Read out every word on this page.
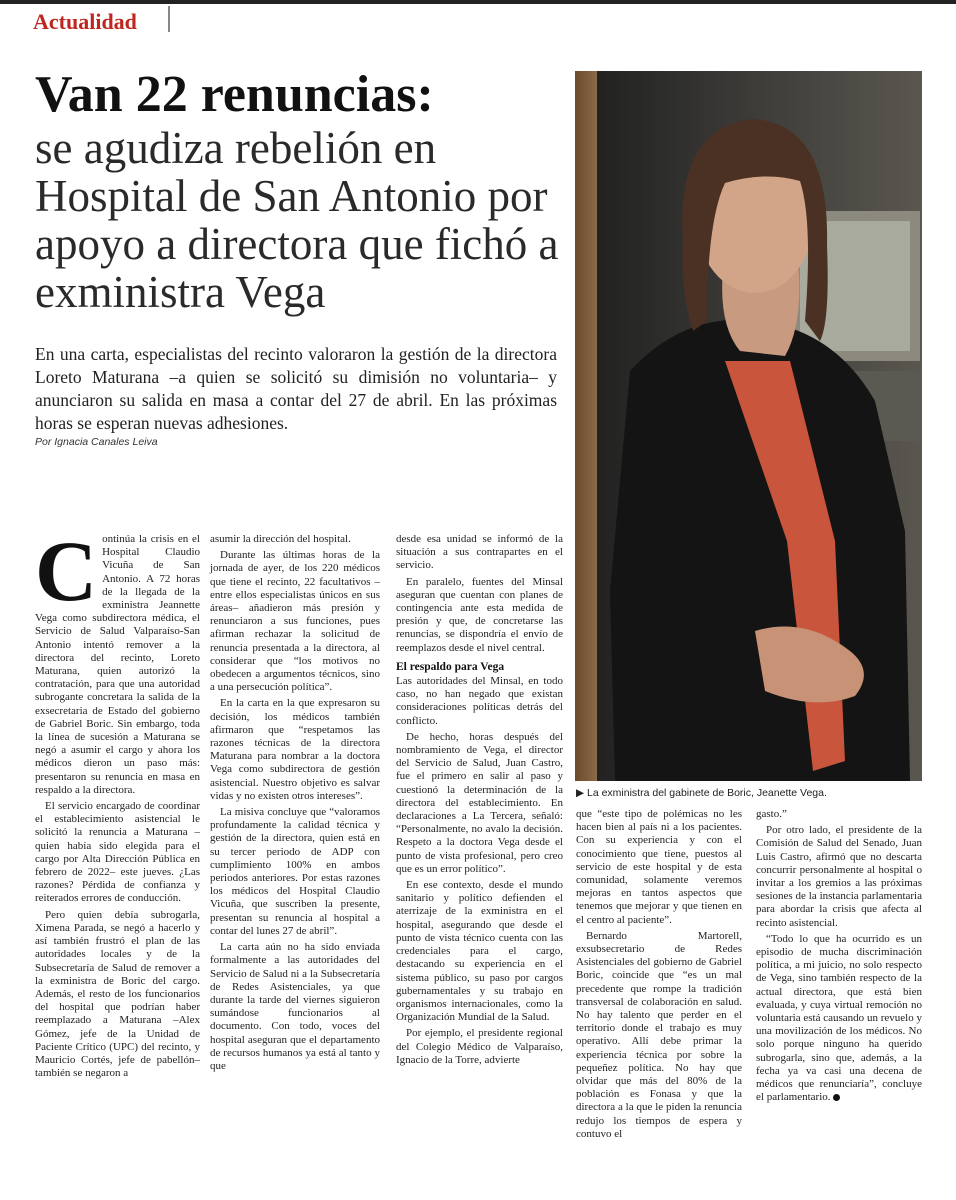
Actualidad
Van 22 renuncias:
se agudiza rebelión en Hospital de San Antonio por apoyo a directora que fichó a exministra Vega

En una carta, especialistas del recinto valoraron la gestión de la directora Loreto Maturana –a quien se solicitó su dimisión no voluntaria– y anunciaron su salida en masa a contar del 27 de abril. En las próximas horas se esperan nuevas adhesiones.

Por Ignacia Canales Leiva
▶ La exministra del gabinete de Boric, Jeanette Vega.

Continúa la crisis en el Hospital Claudio Vicuña de San Antonio. A 72 horas de la llegada de la exministra Jeannette Vega como subdirectora médica, el Servicio de Salud Valparaíso-San Antonio intentó remover a la directora del recinto, Loreto Maturana, quien autorizó la contratación, para que una autoridad subrogante concretara la salida de la exsecretaria de Estado del gobierno de Gabriel Boric. Sin embargo, toda la línea de sucesión a Maturana se negó a asumir el cargo y ahora los médicos dieron un paso más: presentaron su renuncia en masa en respaldo a la directora.

El servicio encargado de coordinar el establecimiento asistencial le solicitó la renuncia a Maturana –quien había sido elegida para el cargo por Alta Dirección Pública en febrero de 2022– este jueves. ¿Las razones? Pérdida de confianza y reiterados errores de conducción.

Pero quien debía subrogarla, Ximena Parada, se negó a hacerlo y así también frustró el plan de las autoridades locales y de la Subsecretaría de Salud de remover a la exministra de Boric del cargo. Además, el resto de los funcionarios del hospital que podrían haber reemplazado a Maturana –Alex Gómez, jefe de la Unidad de Paciente Crítico (UPC) del recinto, y Mauricio Cortés, jefe de pabellón– también se negaron a

asumir la dirección del hospital.

Durante las últimas horas de la jornada de ayer, de los 220 médicos que tiene el recinto, 22 facultativos –entre ellos especialistas únicos en sus áreas– añadieron más presión y renunciaron a sus funciones, pues afirman rechazar la solicitud de renuncia presentada a la directora, al considerar que “los motivos no obedecen a argumentos técnicos, sino a una persecución política”.

En la carta en la que expresaron su decisión, los médicos también afirmaron que “respetamos las razones técnicas de la directora Maturana para nombrar a la doctora Vega como subdirectora de gestión asistencial. Nuestro objetivo es salvar vidas y no existen otros intereses”.

La misiva concluye que “valoramos profundamente la calidad técnica y gestión de la directora, quien está en su tercer periodo de ADP con cumplimiento 100% en ambos periodos anteriores. Por estas razones los médicos del Hospital Claudio Vicuña, que suscriben la presente, presentan su renuncia al hospital a contar del lunes 27 de abril”.

La carta aún no ha sido enviada formalmente a las autoridades del Servicio de Salud ni a la Subsecretaría de Redes Asistenciales, ya que durante la tarde del viernes siguieron sumándose funcionarios al documento. Con todo, voces del hospital aseguran que el departamento de recursos humanos ya está al tanto y que

desde esa unidad se informó de la situación a sus contrapartes en el servicio.

En paralelo, fuentes del Minsal aseguran que cuentan con planes de contingencia ante esta medida de presión y que, de concretarse las renuncias, se dispondría el envío de reemplazos desde el nivel central.

El respaldo para Vega

Las autoridades del Minsal, en todo caso, no han negado que existan consideraciones políticas detrás del conflicto.

De hecho, horas después del nombramiento de Vega, el director del Servicio de Salud, Juan Castro, fue el primero en salir al paso y cuestionó la determinación de la directora del establecimiento. En declaraciones a La Tercera, señaló: “Personalmente, no avalo la decisión. Respeto a la doctora Vega desde el punto de vista profesional, pero creo que es un error político”.

En ese contexto, desde el mundo sanitario y político defienden el aterrizaje de la exministra en el hospital, asegurando que desde el punto de vista técnico cuenta con las credenciales para el cargo, destacando su experiencia en el sistema público, su paso por cargos gubernamentales y su trabajo en organismos internacionales, como la Organización Mundial de la Salud.

Por ejemplo, el presidente regional del Colegio Médico de Valparaíso, Ignacio de la Torre, advierte

que “este tipo de polémicas no les hacen bien al país ni a los pacientes. Con su experiencia y con el conocimiento que tiene, puestos al servicio de este hospital y de esta comunidad, solamente veremos mejoras en tantos aspectos que tenemos que mejorar y que tienen en el centro al paciente”.

Bernardo Martorell, exsubsecretario de Redes Asistenciales del gobierno de Gabriel Boric, coincide que “es un mal precedente que rompe la tradición transversal de colaboración en salud. No hay talento que perder en el territorio donde el trabajo es muy operativo. Allí debe primar la experiencia técnica por sobre la pequeñez política. No hay que olvidar que más del 80% de la población es Fonasa y que la directora a la que le piden la renuncia redujo los tiempos de espera y contuvo el

gasto.”

Por otro lado, el presidente de la Comisión de Salud del Senado, Juan Luis Castro, afirmó que no descarta concurrir personalmente al hospital o invitar a los gremios a las próximas sesiones de la instancia parlamentaria para abordar la crisis que afecta al recinto asistencial.

“Todo lo que ha ocurrido es un episodio de mucha discriminación política, a mi juicio, no solo respecto de Vega, sino también respecto de la actual directora, que está bien evaluada, y cuya virtual remoción no voluntaria está causando un revuelo y una movilización de los médicos. No solo porque ninguno ha querido subrogarla, sino que, además, a la fecha ya va casi una decena de médicos que renunciaría”, concluye el parlamentario.
